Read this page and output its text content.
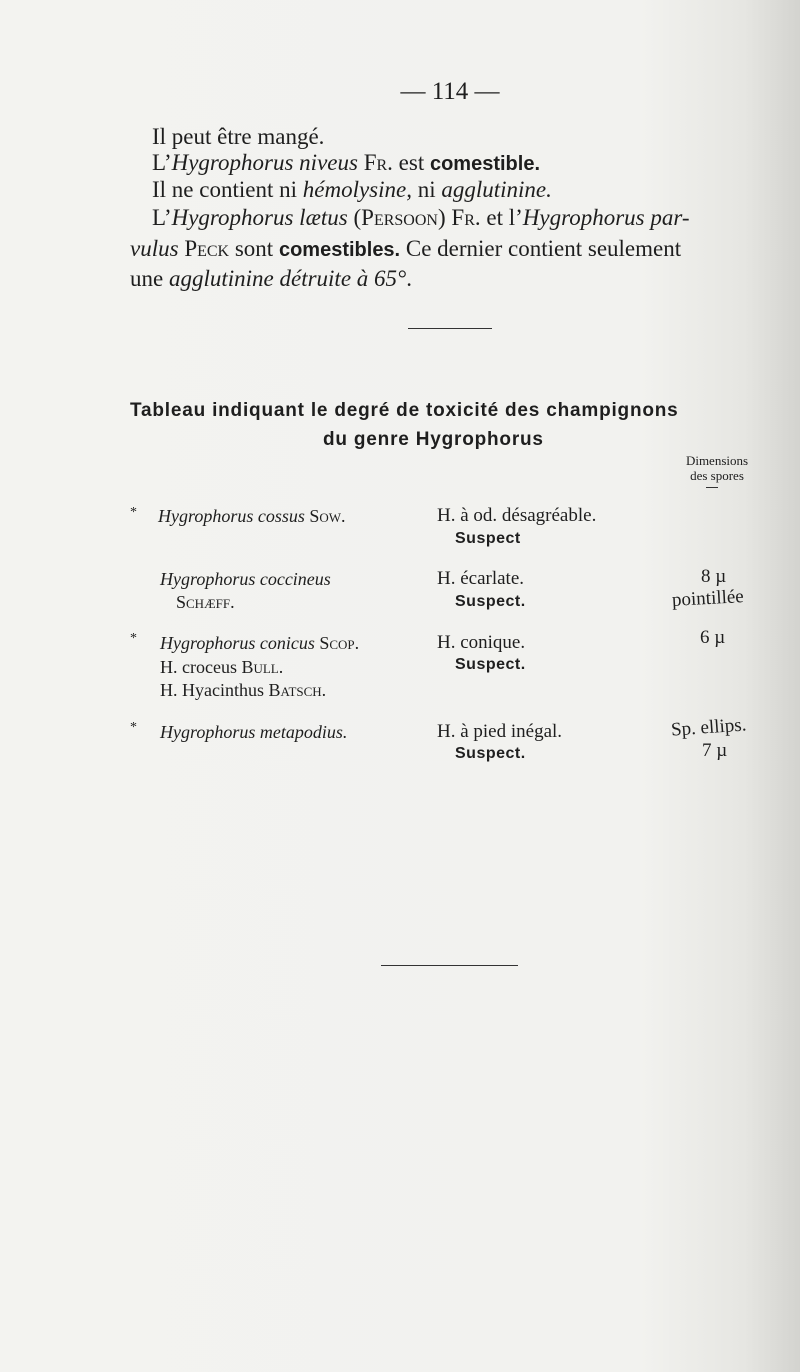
— 114 —
Il peut être mangé.
L’Hygrophorus niveus Fr. est comestible.
Il ne contient ni hémolysine, ni agglutinine.
L’Hygrophorus lætus (Persoon) Fr. et l’Hygrophorus par-
vulus Peck sont comestibles. Ce dernier contient seulement
une agglutinine détruite à 65°.
Tableau indiquant le degré de toxicité des champignons
du genre Hygrophorus
Dimensions
des spores
* Hygrophorus cossus Sow.	H. à od. désagréable.
Suspect
Hygrophorus coccineus
Schæff.
H. écarlate.
Suspect.
8 µ
pointillée
* Hygrophorus conicus Scop.
H. croceus Bull.
H. Hyacinthus Batsch.
H. conique.
Suspect.
6 µ
* Hygrophorus metapodius.	H. à pied inégal.
Suspect.
Sp. ellips.
7 µ
